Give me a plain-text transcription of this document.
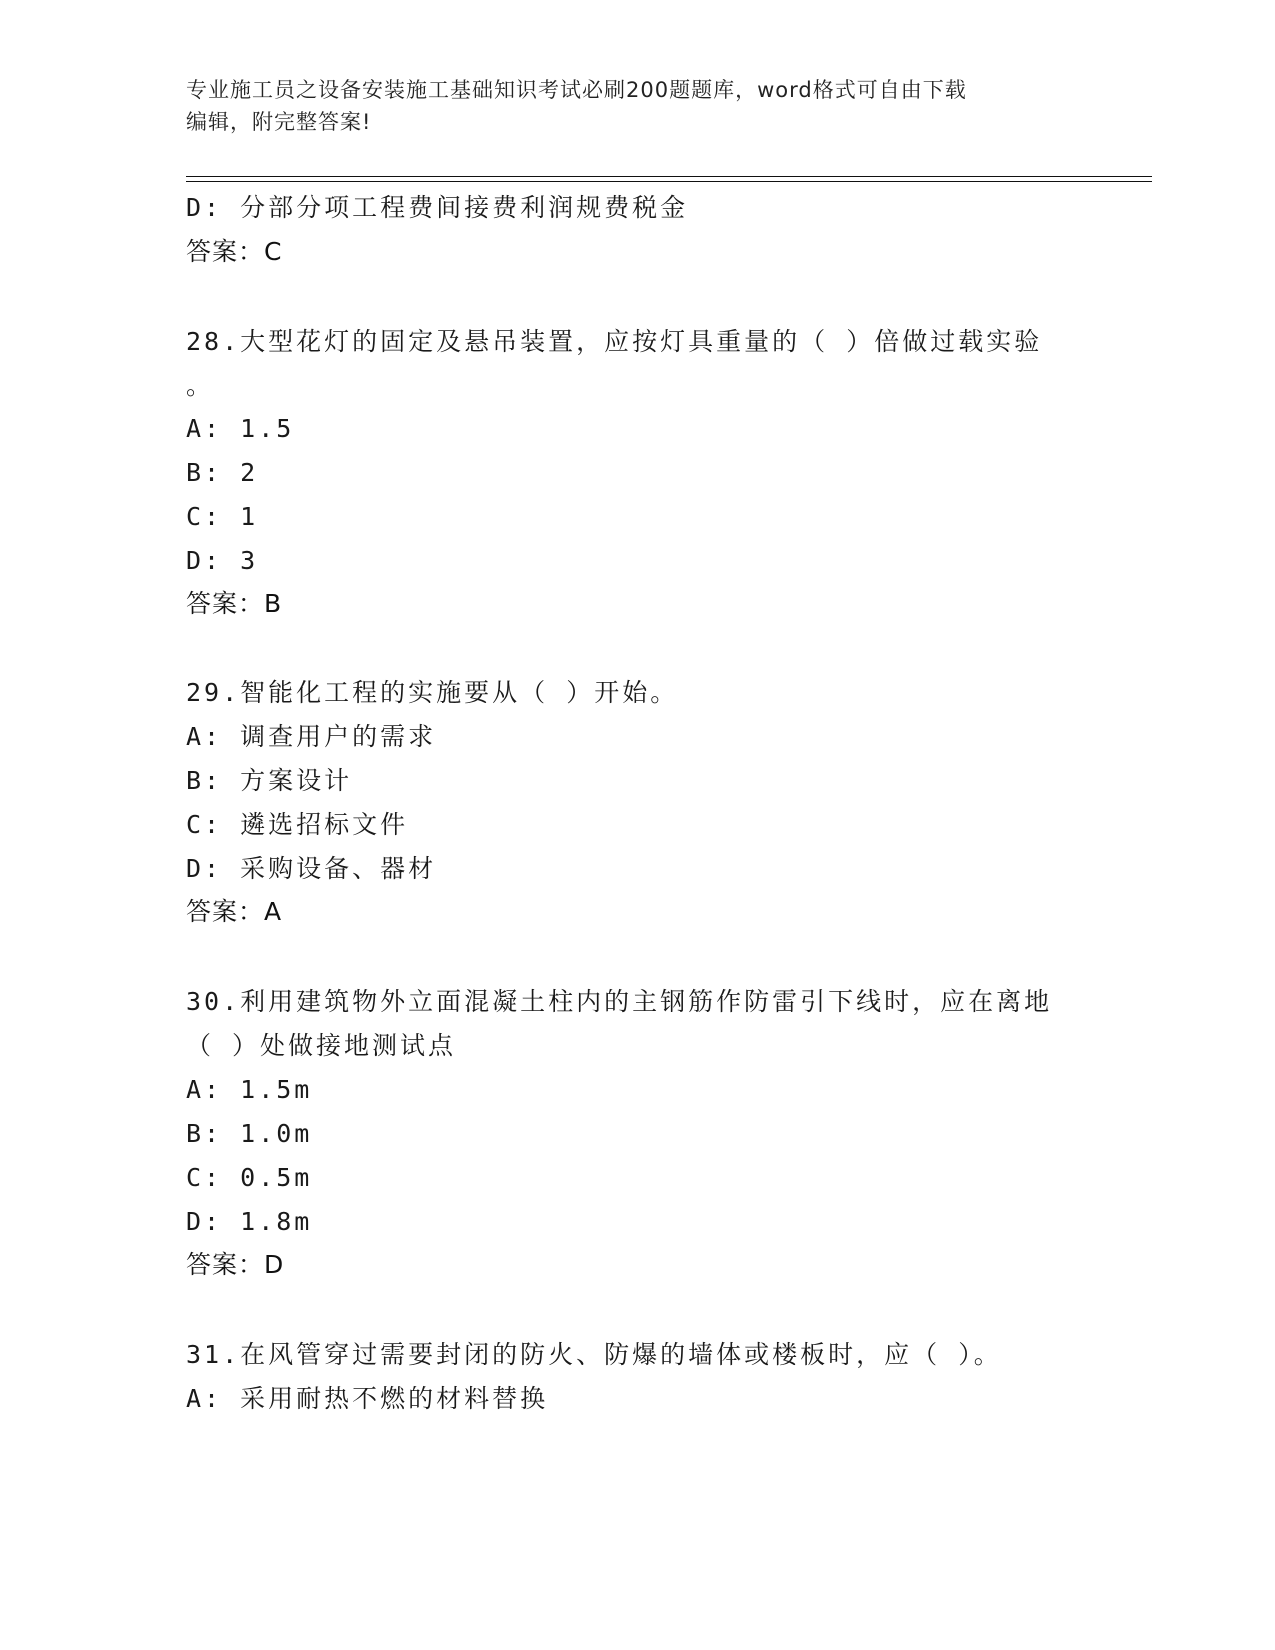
专业施工员之设备安装施工基础知识考试必刷200题题库，word格式可自由下载
编辑，附完整答案!
D: 分部分项工程费间接费利润规费税金
答案：C
28.大型花灯的固定及悬吊装置，应按灯具重量的（ ）倍做过载实验
。
A: 1.5
B: 2
C: 1
D: 3
答案：B
29.智能化工程的实施要从（ ）开始。
A: 调查用户的需求
B: 方案设计
C: 遴选招标文件
D: 采购设备、器材
答案：A
30.利用建筑物外立面混凝土柱内的主钢筋作防雷引下线时，应在离地
（ ）处做接地测试点
A: 1.5m
B: 1.0m
C: 0.5m
D: 1.8m
答案：D
31.在风管穿过需要封闭的防火、防爆的墙体或楼板时，应（ ）。
A: 采用耐热不燃的材料替换
